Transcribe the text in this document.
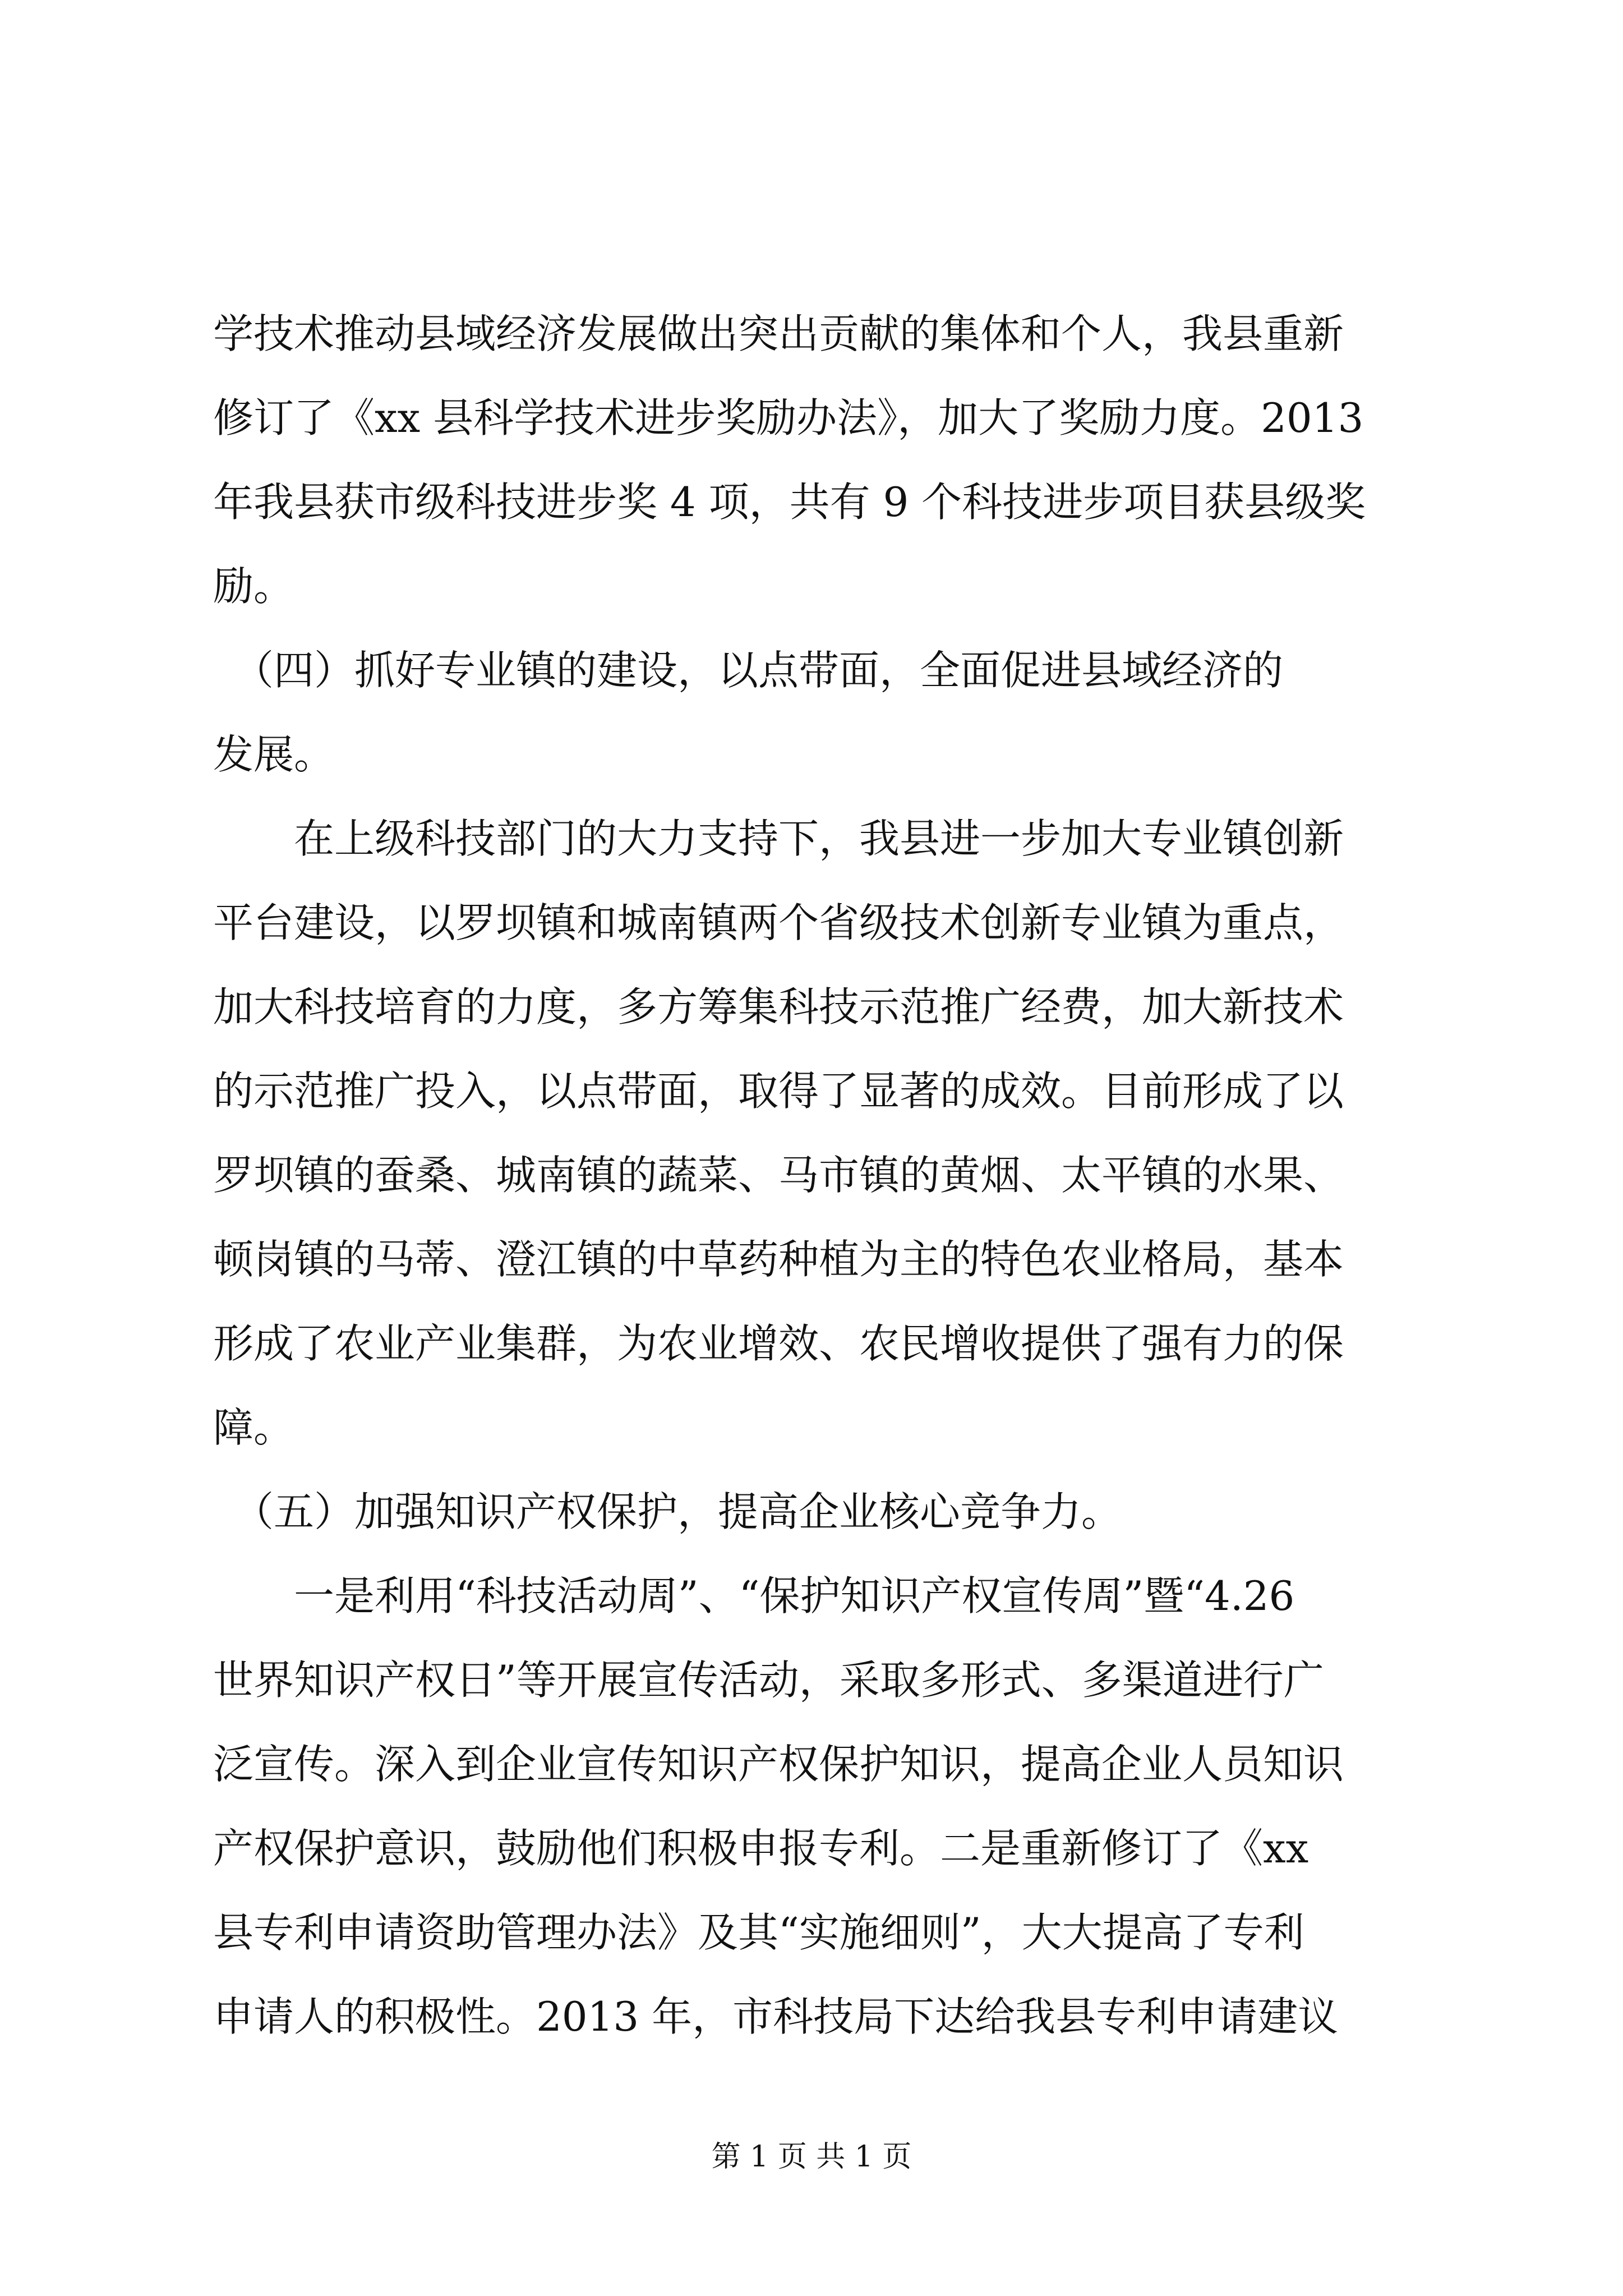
学技术推动县域经济发展做出突出贡献的集体和个人，我县重新
修订了《xx 县科学技术进步奖励办法》，加大了奖励力度。2013
年我县获市级科技进步奖 4 项，共有 9 个科技进步项目获县级奖
励。
　（四）抓好专业镇的建设，以点带面，全面促进县域经济的
发展。
　　在上级科技部门的大力支持下，我县进一步加大专业镇创新
平台建设，以罗坝镇和城南镇两个省级技术创新专业镇为重点，
加大科技培育的力度，多方筹集科技示范推广经费，加大新技术
的示范推广投入，以点带面，取得了显著的成效。目前形成了以
罗坝镇的蚕桑、城南镇的蔬菜、马市镇的黄烟、太平镇的水果、
顿岗镇的马蒂、澄江镇的中草药种植为主的特色农业格局，基本
形成了农业产业集群，为农业增效、农民增收提供了强有力的保
障。
　（五）加强知识产权保护，提高企业核心竞争力。
　　一是利用“科技活动周”、“保护知识产权宣传周”暨“4.26
世界知识产权日”等开展宣传活动，采取多形式、多渠道进行广
泛宣传。深入到企业宣传知识产权保护知识，提高企业人员知识
产权保护意识，鼓励他们积极申报专利。二是重新修订了《xx
县专利申请资助管理办法》及其“实施细则”，大大提高了专利
申请人的积极性。2013 年，市科技局下达给我县专利申请建议
第 1 页 共 1 页
